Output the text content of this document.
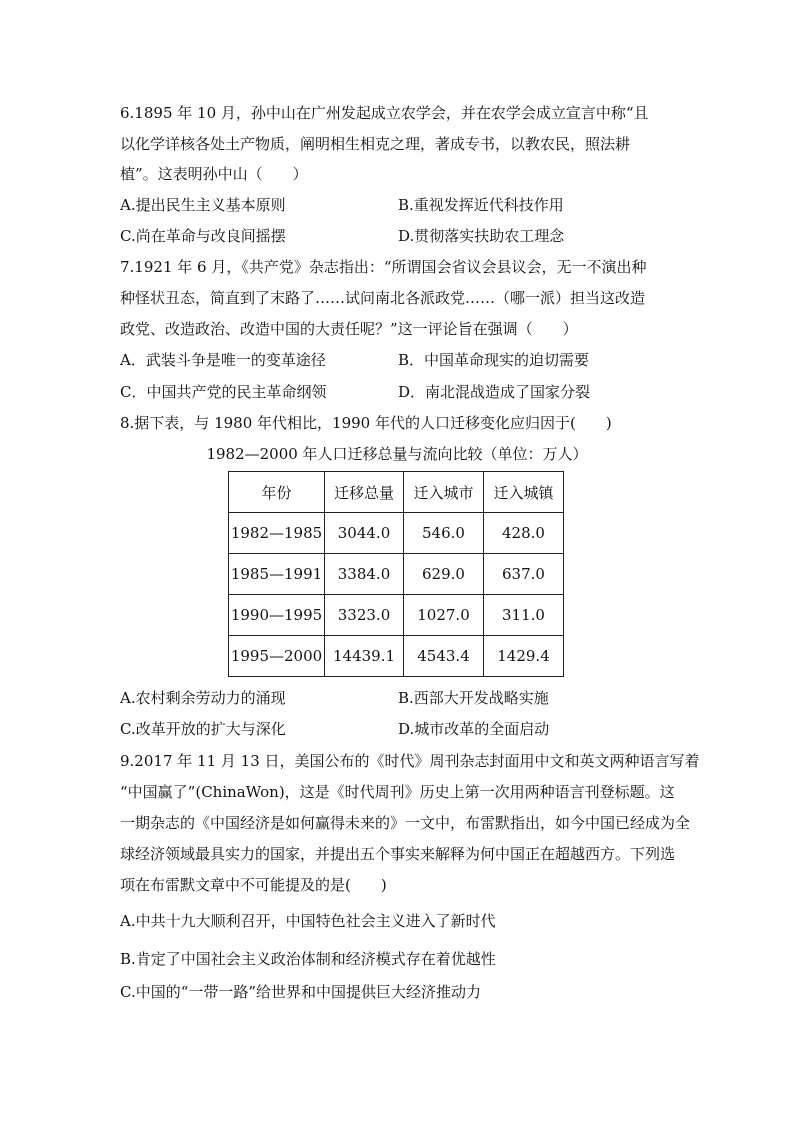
6.1895 年 10 月，孙中山在广州发起成立农学会，并在农学会成立宣言中称“且
以化学详核各处土产物质，阐明相生相克之理，著成专书，以教农民，照法耕
植”。这表明孙中山（　　）
A.提出民生主义基本原则	B.重视发挥近代科技作用
C.尚在革命与改良间摇摆	D.贯彻落实扶助农工理念
7.1921 年 6 月，《共产党》杂志指出：“所谓国会省议会县议会，无一不演出种
种怪状丑态，简直到了末路了……试问南北各派政党……（哪一派）担当这改造
政党、改造政治、改造中国的大责任呢？”这一评论旨在强调（　　）
A．武装斗争是唯一的变革途径	B．中国革命现实的迫切需要
C．中国共产党的民主革命纲领	D．南北混战造成了国家分裂
8.据下表，与 1980 年代相比，1990 年代的人口迁移变化应归因于(　　)
1982—2000 年人口迁移总量与流向比较（单位：万人）
年份	迁移总量	迁入城市	迁入城镇
1982—1985	3044.0	546.0	428.0
1985—1991	3384.0	629.0	637.0
1990—1995	3323.0	1027.0	311.0
1995—2000	14439.1	4543.4	1429.4
A.农村剩余劳动力的涌现	B.西部大开发战略实施
C.改革开放的扩大与深化	D.城市改革的全面启动
9.2017 年 11 月 13 日，美国公布的《时代》周刊杂志封面用中文和英文两种语言写着
“中国赢了”(ChinaWon)，这是《时代周刊》历史上第一次用两种语言刊登标题。这
一期杂志的《中国经济是如何赢得未来的》一文中，布雷默指出，如今中国已经成为全
球经济领域最具实力的国家，并提出五个事实来解释为何中国正在超越西方。下列选
项在布雷默文章中不可能提及的是(　　)
A.中共十九大顺利召开，中国特色社会主义进入了新时代
B.肯定了中国社会主义政治体制和经济模式存在着优越性
C.中国的“一带一路”给世界和中国提供巨大经济推动力
